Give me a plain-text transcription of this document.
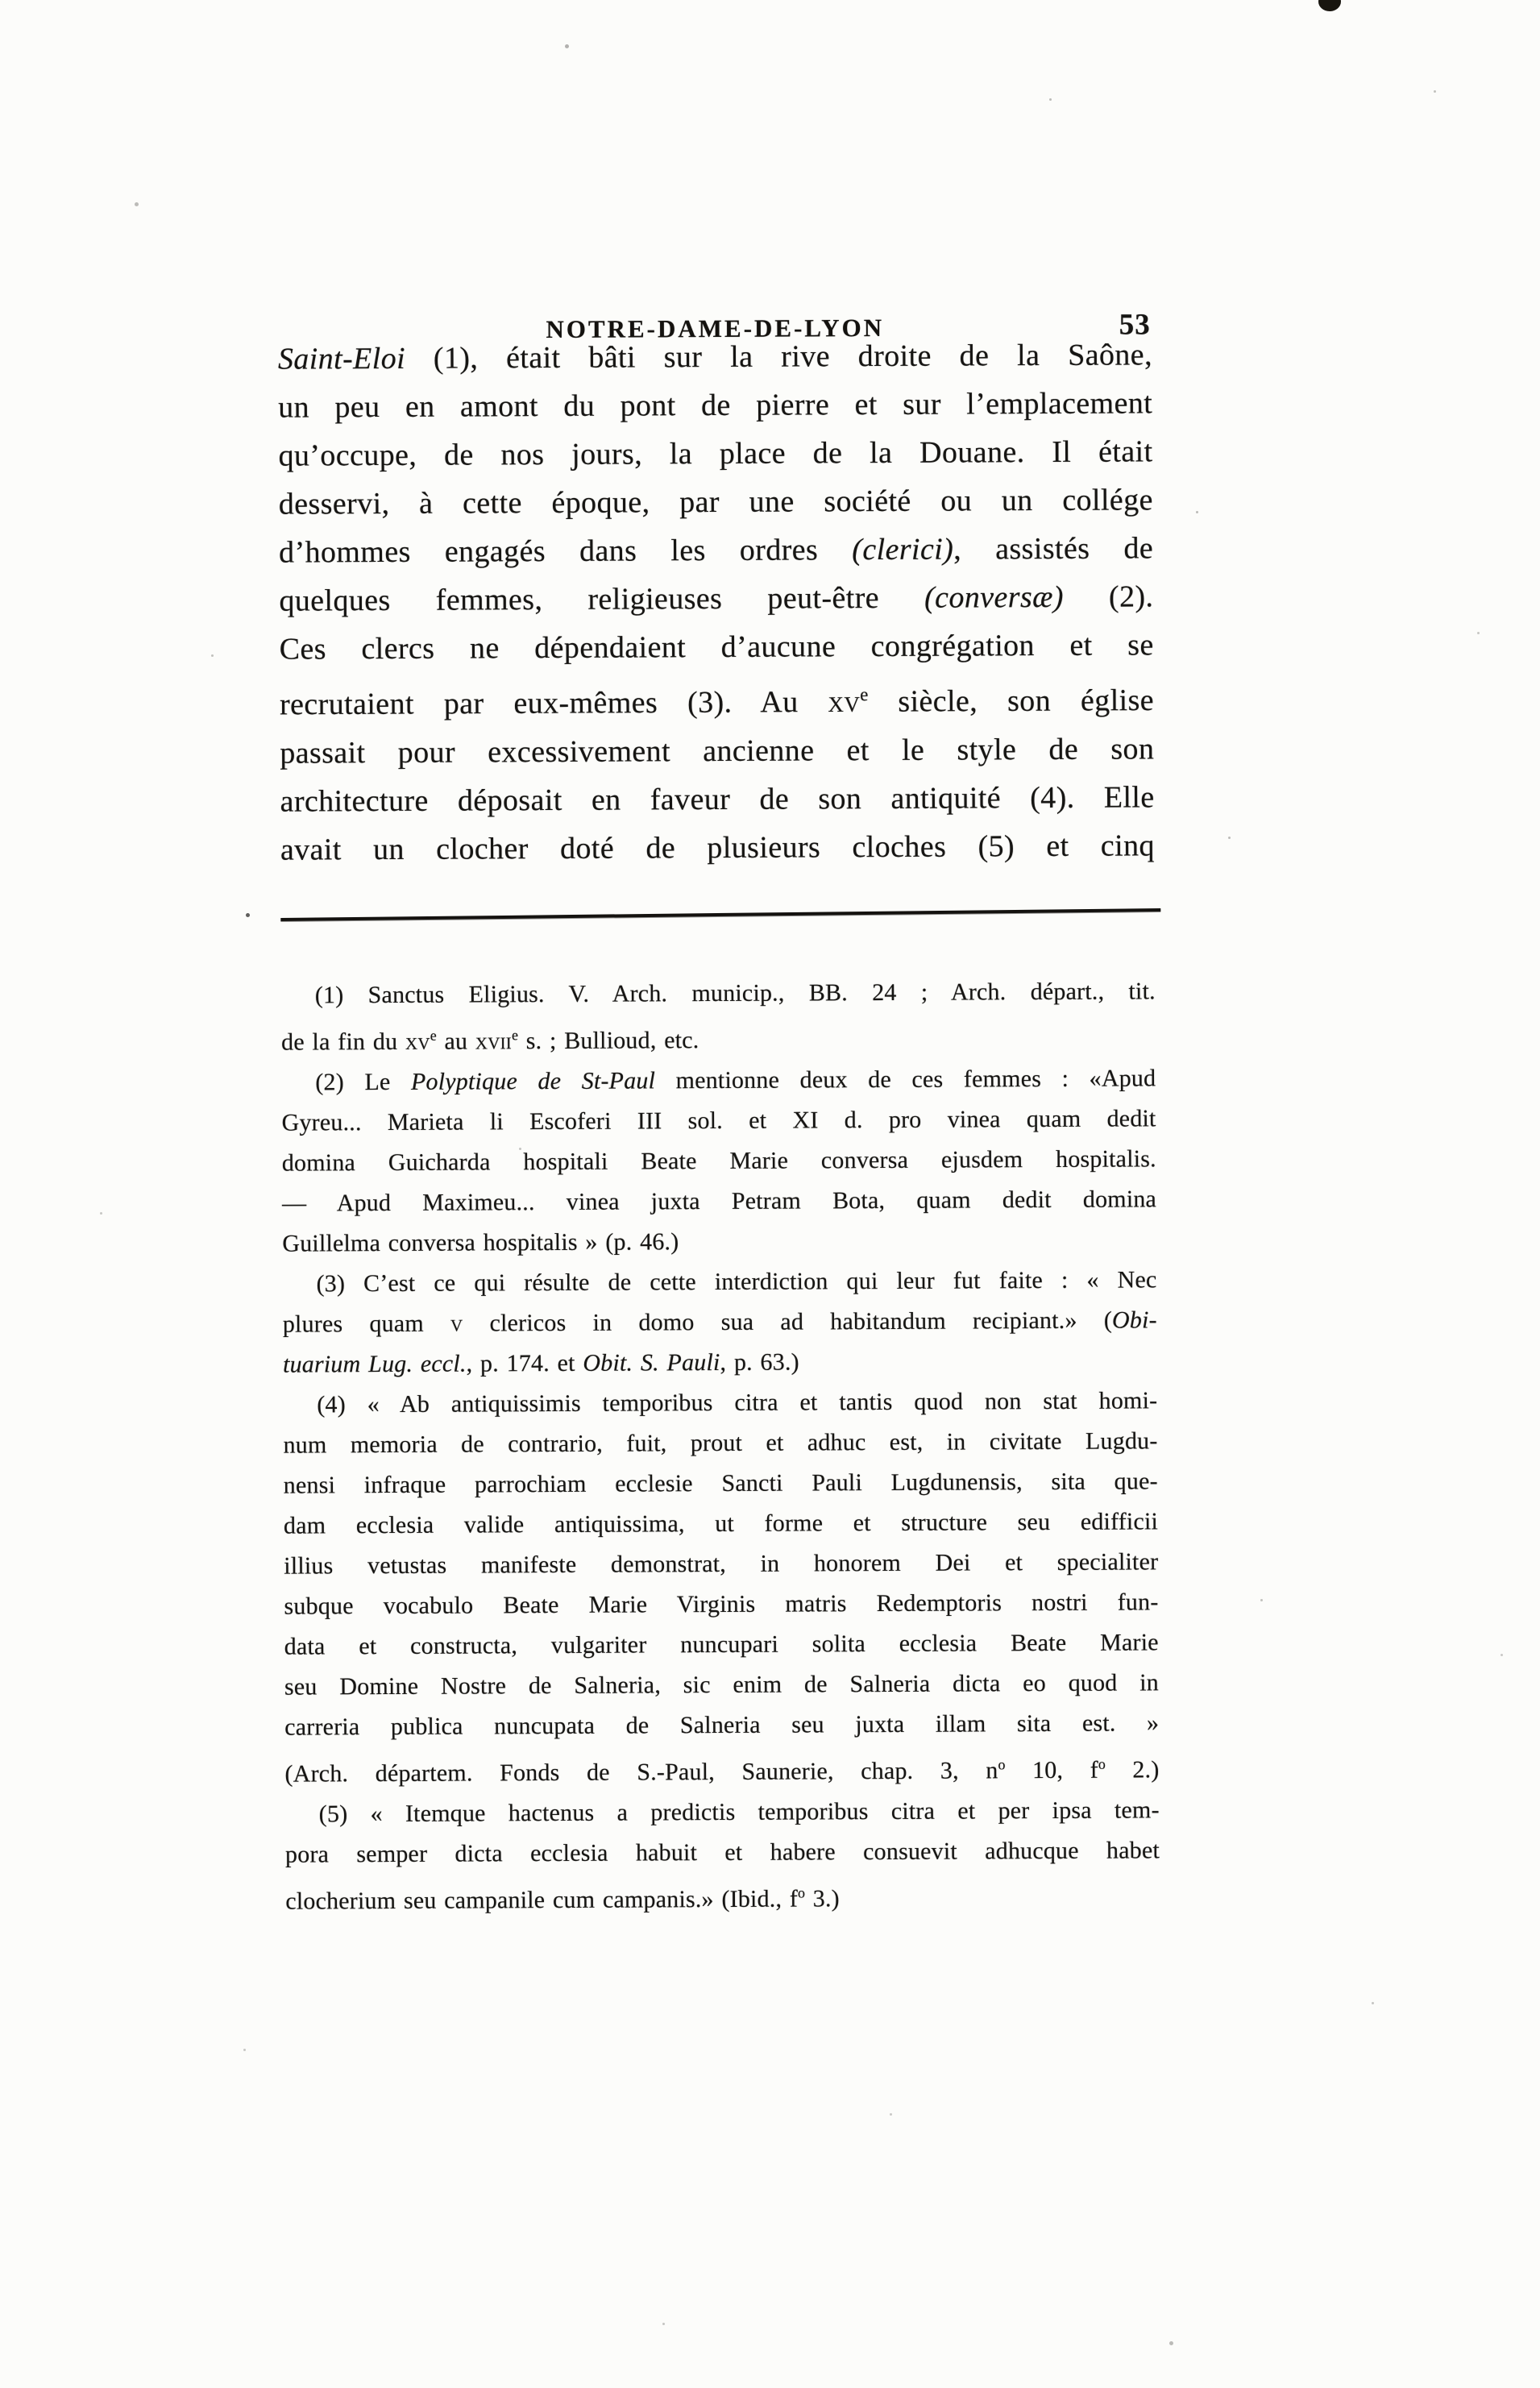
NOTRE-DAME-DE-LYON	53
Saint-Eloi (1), était bâti sur la rive droite de la Saône,
un peu en amont du pont de pierre et sur l’emplacement
qu’occupe, de nos jours, la place de la Douane. Il était
desservi, à cette époque, par une société ou un collége
d’hommes engagés dans les ordres (clerici), assistés de
quelques femmes, religieuses peut-être (conversæ) (2).
Ces clercs ne dépendaient d’aucune congrégation et se
recrutaient par eux-mêmes (3). Au $xv^e$ siècle, son église
passait pour excessivement ancienne et le style de son
architecture déposait en faveur de son antiquité (4). Elle
avait un clocher doté de plusieurs cloches (5) et cinq
(1) Sanctus Eligius. V. Arch. municip., BB. 24 ; Arch. départ., tit.
de la fin du $xv^e$ au xvii$^e$ s. ; Bullioud, etc.
(2) Le Polyptique de St-Paul mentionne deux de ces femmes : «Apud
Gyreu... Marieta li Escoferi III sol. et XI d. pro vinea quam dedit
domina Guicharda hospitali Beate Marie conversa ejusdem hospitalis.
— Apud Maximeu... vinea juxta Petram Bota, quam dedit domina
Guillelma conversa hospitalis » (p. 46.)
(3) C’est ce qui résulte de cette interdiction qui leur fut faite : « Nec
plures quam v clericos in domo sua ad habitandum recipiant.» (Obi-
tuarium Lug. eccl., p. 174. et Obit. S. Pauli, p. 63.)
(4) « Ab antiquissimis temporibus citra et tantis quod non stat homi-
num memoria de contrario, fuit, prout et adhuc est, in civitate Lugdu-
nensi infraque parrochiam ecclesie Sancti Pauli Lugdunensis, sita que-
dam ecclesia valide antiquissima, ut forme et structure seu edifficii
illius vetustas manifeste demonstrat, in honorem Dei et specialiter
subque vocabulo Beate Marie Virginis matris Redemptoris nostri fun-
data et constructa, vulgariter nuncupari solita ecclesia Beate Marie
seu Domine Nostre de Salneria, sic enim de Salneria dicta eo quod in
carreria publica nuncupata de Salneria seu juxta illam sita est. »
(Arch. départem. Fonds de S.-Paul, Saunerie, chap. 3, $n^o$ 10, $f^o$ 2.)
(5) « Itemque hactenus a predictis temporibus citra et per ipsa tem-
pora semper dicta ecclesia habuit et habere consuevit adhucque habet
clocherium seu campanile cum campanis.» (Ibid., $f^o$ 3.)
